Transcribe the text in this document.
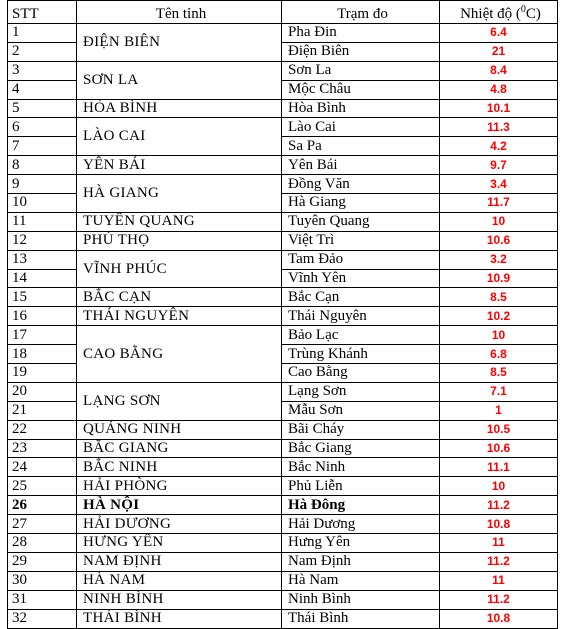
STT	Tên tỉnh	Trạm đo	Nhiệt độ ($^0$C)
1	ĐIỆN BIÊN	Pha Đin	6.4
2		Điện Biên	21
3	SƠN LA	Sơn La	8.4
4		Mộc Châu	4.8
5	HÒA BÌNH	Hòa Bình	10.1
6	LÀO CAI	Lào Cai	11.3
7		Sa Pa	4.2
8	YÊN BÁI	Yên Bái	9.7
9	HÀ GIANG	Đồng Văn	3.4
10		Hà Giang	11.7
11	TUYÊN QUANG	Tuyên Quang	10
12	PHÚ THỌ	Việt Trì	10.6
13	VĨNH PHÚC	Tam Đảo	3.2
14		Vĩnh Yên	10.9
15	BẮC CẠN	Bắc Cạn	8.5
16	THÁI NGUYÊN	Thái Nguyên	10.2
17	CAO BẰNG	Bảo Lạc	10
18		Trùng Khánh	6.8
19		Cao Bằng	8.5
20	LẠNG SƠN	Lạng Sơn	7.1
21		Mẫu Sơn	1
22	QUẢNG NINH	Bãi Cháy	10.5
23	BẮC GIANG	Bắc Giang	10.6
24	BẮC NINH	Bắc Ninh	11.1
25	HẢI PHÒNG	Phủ Liễn	10
26	HÀ NỘI	Hà Đông	11.2
27	HẢI DƯƠNG	Hải Dương	10.8
28	HƯNG YÊN	Hưng Yên	11
29	NAM ĐỊNH	Nam Định	11.2
30	HÀ NAM	Hà Nam	11
31	NINH BÌNH	Ninh Bình	11.2
32	THÁI BÌNH	Thái Bình	10.8
